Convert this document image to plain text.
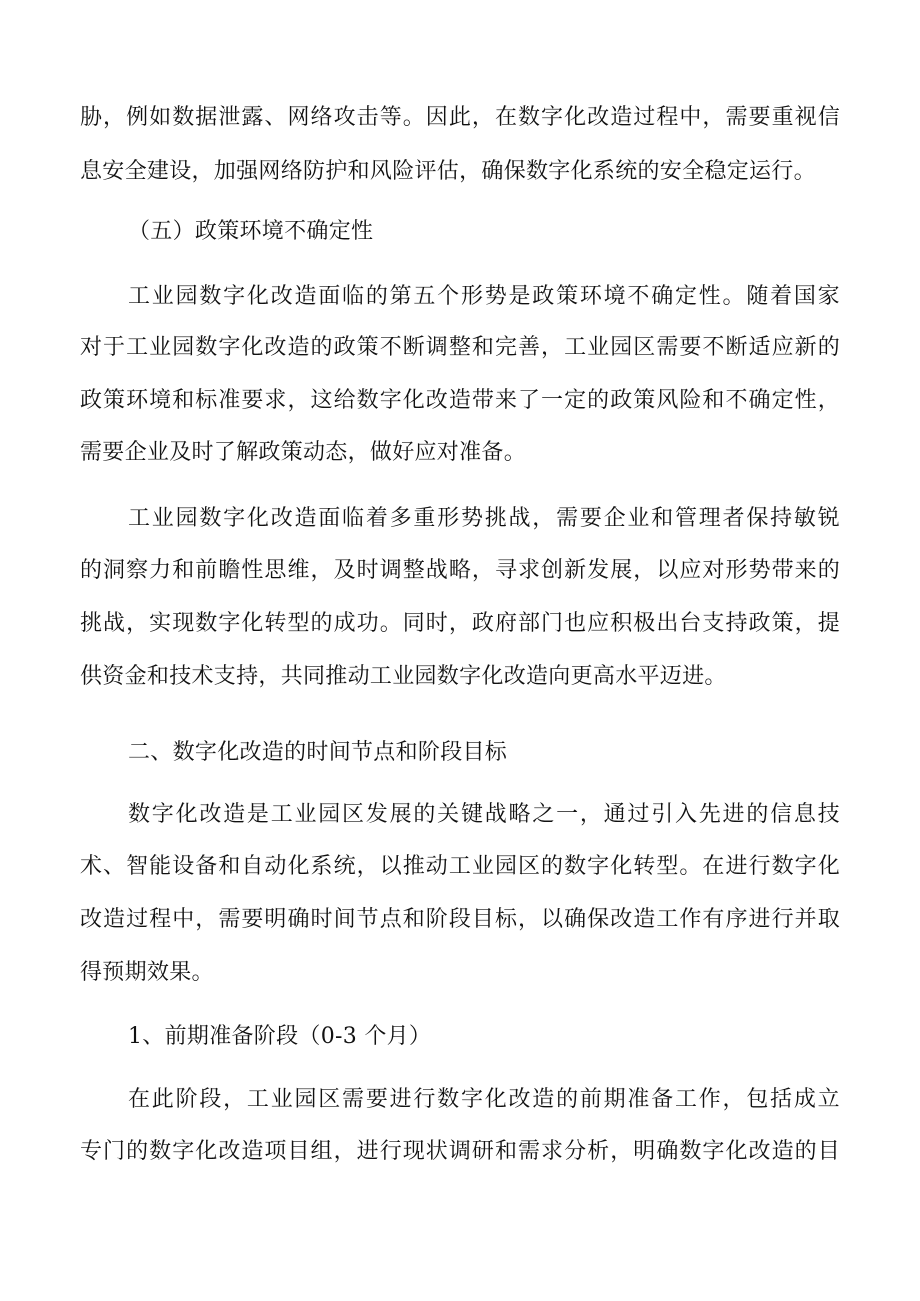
胁，例如数据泄露、网络攻击等。因此，在数字化改造过程中，需要重视信
息安全建设，加强网络防护和风险评估，确保数字化系统的安全稳定运行。
（五）政策环境不确定性
工业园数字化改造面临的第五个形势是政策环境不确定性。随着国家
对于工业园数字化改造的政策不断调整和完善，工业园区需要不断适应新的
政策环境和标准要求，这给数字化改造带来了一定的政策风险和不确定性，
需要企业及时了解政策动态，做好应对准备。
工业园数字化改造面临着多重形势挑战，需要企业和管理者保持敏锐
的洞察力和前瞻性思维，及时调整战略，寻求创新发展，以应对形势带来的
挑战，实现数字化转型的成功。同时，政府部门也应积极出台支持政策，提
供资金和技术支持，共同推动工业园数字化改造向更高水平迈进。
二、数字化改造的时间节点和阶段目标
数字化改造是工业园区发展的关键战略之一，通过引入先进的信息技
术、智能设备和自动化系统，以推动工业园区的数字化转型。在进行数字化
改造过程中，需要明确时间节点和阶段目标，以确保改造工作有序进行并取
得预期效果。
1、前期准备阶段（0-3 个月）
在此阶段，工业园区需要进行数字化改造的前期准备工作，包括成立
专门的数字化改造项目组，进行现状调研和需求分析，明确数字化改造的目
